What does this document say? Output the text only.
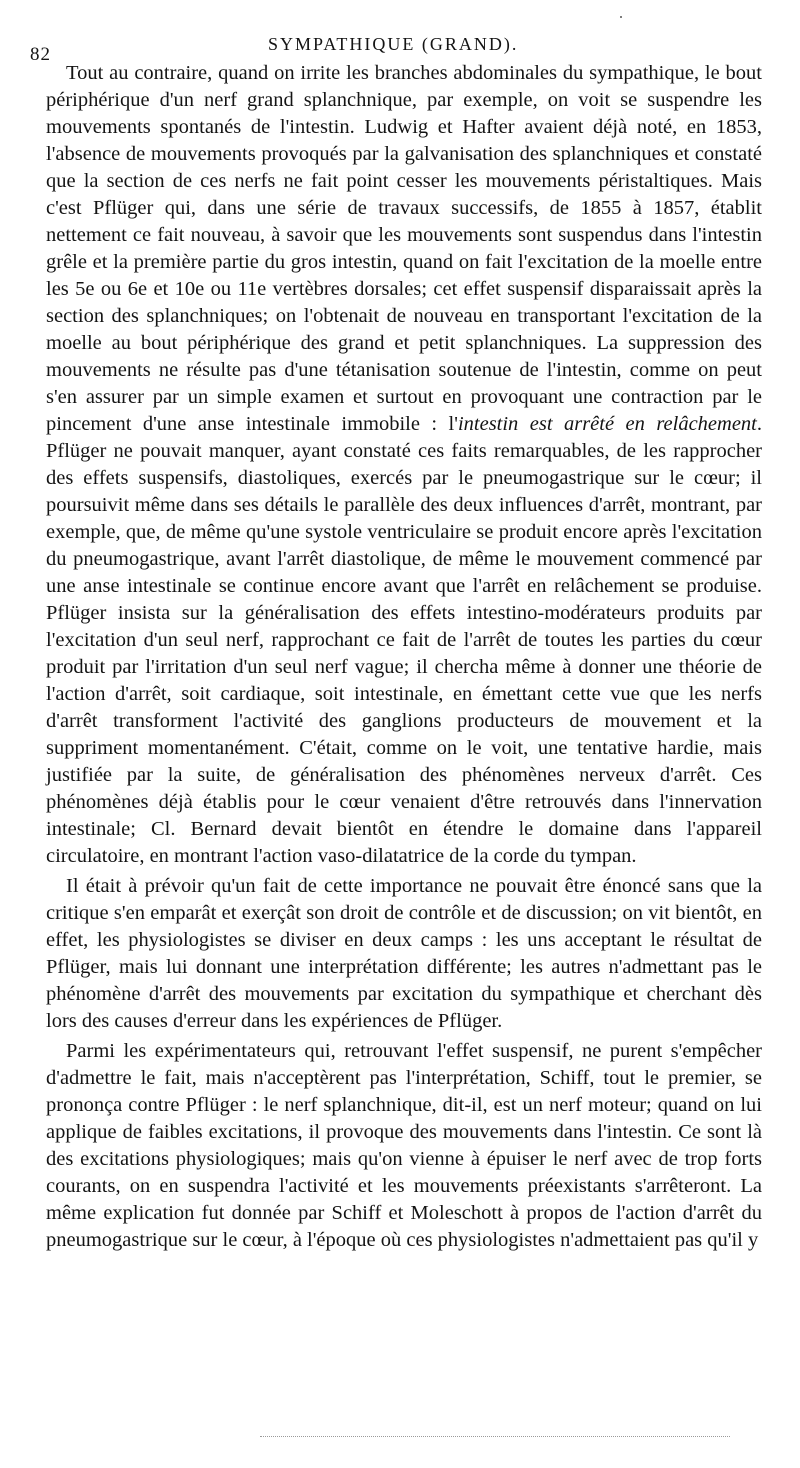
82	SYMPATHIQUE (GRAND).

Tout au contraire, quand on irrite les branches abdominales du sympathique, le bout périphérique d'un nerf grand splanchnique, par exemple, on voit se suspendre les mouvements spontanés de l'intestin. Ludwig et Hafter avaient déjà noté, en 1853, l'absence de mouvements provoqués par la galvanisation des splanchniques et constaté que la section de ces nerfs ne fait point cesser les mouvements péristaltiques. Mais c'est Pflüger qui, dans une série de travaux successifs, de 1855 à 1857, établit nettement ce fait nouveau, à savoir que les mouvements sont suspendus dans l'intestin grêle et la première partie du gros intestin, quand on fait l'excitation de la moelle entre les 5e ou 6e et 10e ou 11e vertèbres dorsales; cet effet suspensif disparaissait après la section des splanchniques; on l'obtenait de nouveau en transportant l'excitation de la moelle au bout périphérique des grand et petit splanchniques. La suppression des mouvements ne résulte pas d'une tétanisation soutenue de l'intestin, comme on peut s'en assurer par un simple examen et surtout en provoquant une contraction par le pincement d'une anse intestinale immobile : l'intestin est arrêté en relâchement. Pflüger ne pouvait manquer, ayant constaté ces faits remarquables, de les rapprocher des effets suspensifs, diastoliques, exercés par le pneumogastrique sur le cœur; il poursuivit même dans ses détails le parallèle des deux influences d'arrêt, montrant, par exemple, que, de même qu'une systole ventriculaire se produit encore après l'excitation du pneumogastrique, avant l'arrêt diastolique, de même le mouvement commencé par une anse intestinale se continue encore avant que l'arrêt en relâchement se produise. Pflüger insista sur la généralisation des effets intestino-modérateurs produits par l'excitation d'un seul nerf, rapprochant ce fait de l'arrêt de toutes les parties du cœur produit par l'irritation d'un seul nerf vague; il chercha même à donner une théorie de l'action d'arrêt, soit cardiaque, soit intestinale, en émettant cette vue que les nerfs d'arrêt transforment l'activité des ganglions producteurs de mouvement et la suppriment momentanément. C'était, comme on le voit, une tentative hardie, mais justifiée par la suite, de généralisation des phénomènes nerveux d'arrêt. Ces phénomènes déjà établis pour le cœur venaient d'être retrouvés dans l'innervation intestinale; Cl. Bernard devait bientôt en étendre le domaine dans l'appareil circulatoire, en montrant l'action vaso-dilatatrice de la corde du tympan.

Il était à prévoir qu'un fait de cette importance ne pouvait être énoncé sans que la critique s'en emparât et exerçât son droit de contrôle et de discussion; on vit bientôt, en effet, les physiologistes se diviser en deux camps : les uns acceptant le résultat de Pflüger, mais lui donnant une interprétation différente; les autres n'admettant pas le phénomène d'arrêt des mouvements par excitation du sympathique et cherchant dès lors des causes d'erreur dans les expériences de Pflüger.

Parmi les expérimentateurs qui, retrouvant l'effet suspensif, ne purent s'empêcher d'admettre le fait, mais n'acceptèrent pas l'interprétation, Schiff, tout le premier, se prononça contre Pflüger : le nerf splanchnique, dit-il, est un nerf moteur; quand on lui applique de faibles excitations, il provoque des mouvements dans l'intestin. Ce sont là des excitations physiologiques; mais qu'on vienne à épuiser le nerf avec de trop forts courants, on en suspendra l'activité et les mouvements préexistants s'arrêteront. La même explication fut donnée par Schiff et Moleschott à propos de l'action d'arrêt du pneumogastrique sur le cœur, à l'époque où ces physiologistes n'admettaient pas qu'il y
